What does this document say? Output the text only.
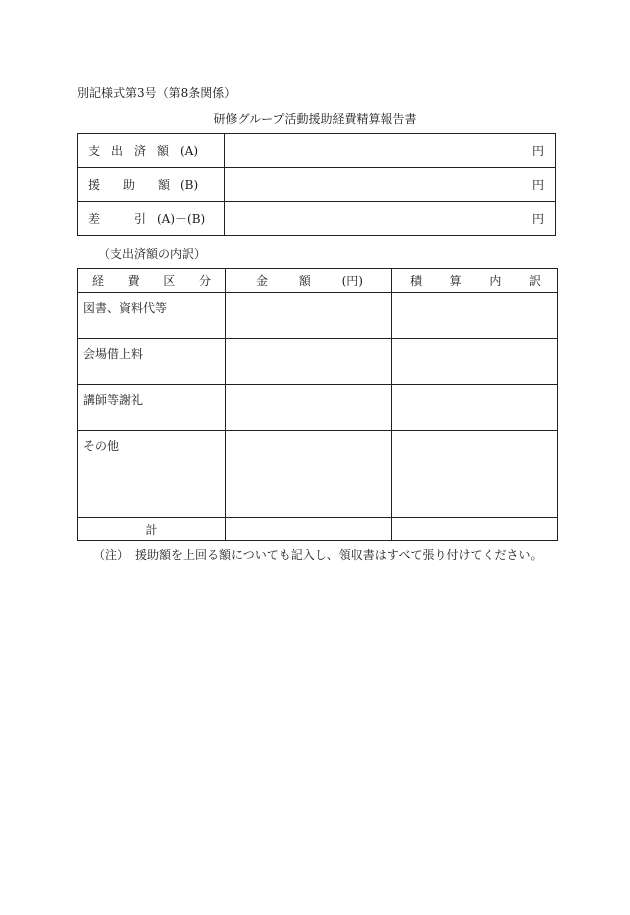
別記様式第3号（第8条関係）
研修グループ活動援助経費精算報告書
支 出 済 額 (A)	円

援 助 額 (B)	円

差 引 (A)－(B)	円
（支出済額の内訳）
経 費 区 分	金 額 (円)	積 算 内 訳

図書、資料代等		
会場借上料		
講師等謝礼		
その他		
計		
（注）　援助額を上回る額についても記入し、領収書はすべて張り付けてください。
